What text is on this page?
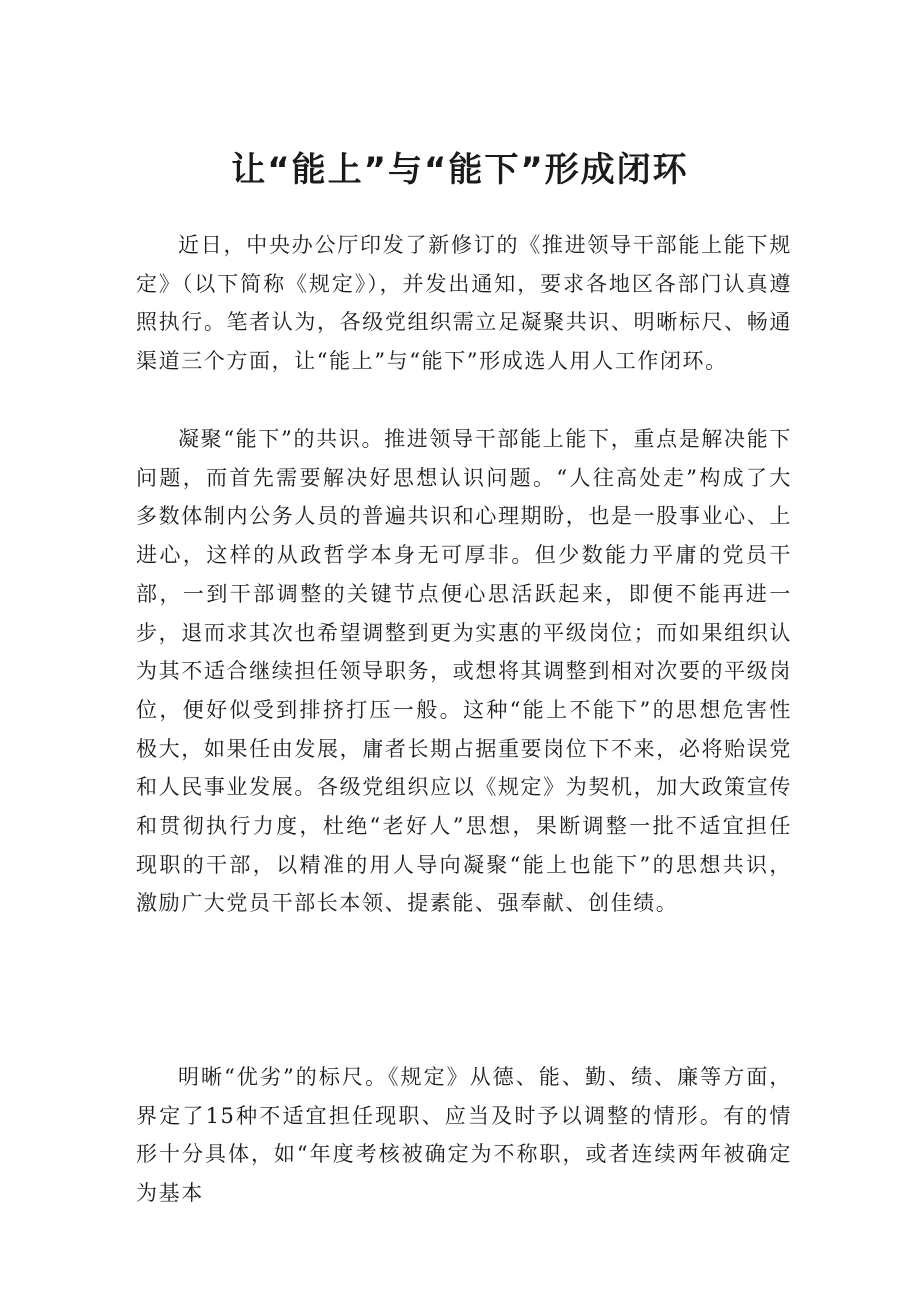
让“能上”与“能下”形成闭环

近日，中央办公厅印发了新修订的《推进领导干部能上能下规定》（以下简称《规定》），并发出通知，要求各地区各部门认真遵照执行。笔者认为，各级党组织需立足凝聚共识、明晰标尺、畅通渠道三个方面，让“能上”与“能下”形成选人用人工作闭环。

凝聚“能下”的共识。推进领导干部能上能下，重点是解决能下问题，而首先需要解决好思想认识问题。“人往高处走”构成了大多数体制内公务人员的普遍共识和心理期盼，也是一股事业心、上进心，这样的从政哲学本身无可厚非。但少数能力平庸的党员干部，一到干部调整的关键节点便心思活跃起来，即便不能再进一步，退而求其次也希望调整到更为实惠的平级岗位；而如果组织认为其不适合继续担任领导职务，或想将其调整到相对次要的平级岗位，便好似受到排挤打压一般。这种“能上不能下”的思想危害性极大，如果任由发展，庸者长期占据重要岗位下不来，必将贻误党和人民事业发展。各级党组织应以《规定》为契机，加大政策宣传和贯彻执行力度，杜绝“老好人”思想，果断调整一批不适宜担任现职的干部，以精准的用人导向凝聚“能上也能下”的思想共识，激励广大党员干部长本领、提素能、强奉献、创佳绩。

明晰“优劣”的标尺。《规定》从德、能、勤、绩、廉等方面，界定了15种不适宜担任现职、应当及时予以调整的情形。有的情形十分具体，如“年度考核被确定为不称职，或者连续两年被确定为基本
